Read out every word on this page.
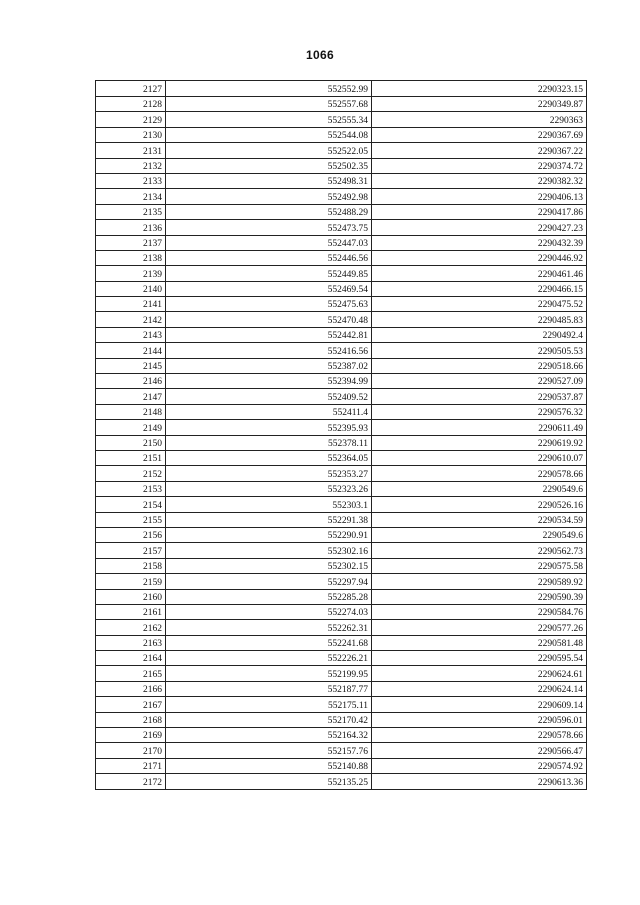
1066
2127	552552.99	2290323.15
2128	552557.68	2290349.87
2129	552555.34	2290363
2130	552544.08	2290367.69
2131	552522.05	2290367.22
2132	552502.35	2290374.72
2133	552498.31	2290382.32
2134	552492.98	2290406.13
2135	552488.29	2290417.86
2136	552473.75	2290427.23
2137	552447.03	2290432.39
2138	552446.56	2290446.92
2139	552449.85	2290461.46
2140	552469.54	2290466.15
2141	552475.63	2290475.52
2142	552470.48	2290485.83
2143	552442.81	2290492.4
2144	552416.56	2290505.53
2145	552387.02	2290518.66
2146	552394.99	2290527.09
2147	552409.52	2290537.87
2148	552411.4	2290576.32
2149	552395.93	2290611.49
2150	552378.11	2290619.92
2151	552364.05	2290610.07
2152	552353.27	2290578.66
2153	552323.26	2290549.6
2154	552303.1	2290526.16
2155	552291.38	2290534.59
2156	552290.91	2290549.6
2157	552302.16	2290562.73
2158	552302.15	2290575.58
2159	552297.94	2290589.92
2160	552285.28	2290590.39
2161	552274.03	2290584.76
2162	552262.31	2290577.26
2163	552241.68	2290581.48
2164	552226.21	2290595.54
2165	552199.95	2290624.61
2166	552187.77	2290624.14
2167	552175.11	2290609.14
2168	552170.42	2290596.01
2169	552164.32	2290578.66
2170	552157.76	2290566.47
2171	552140.88	2290574.92
2172	552135.25	2290613.36
